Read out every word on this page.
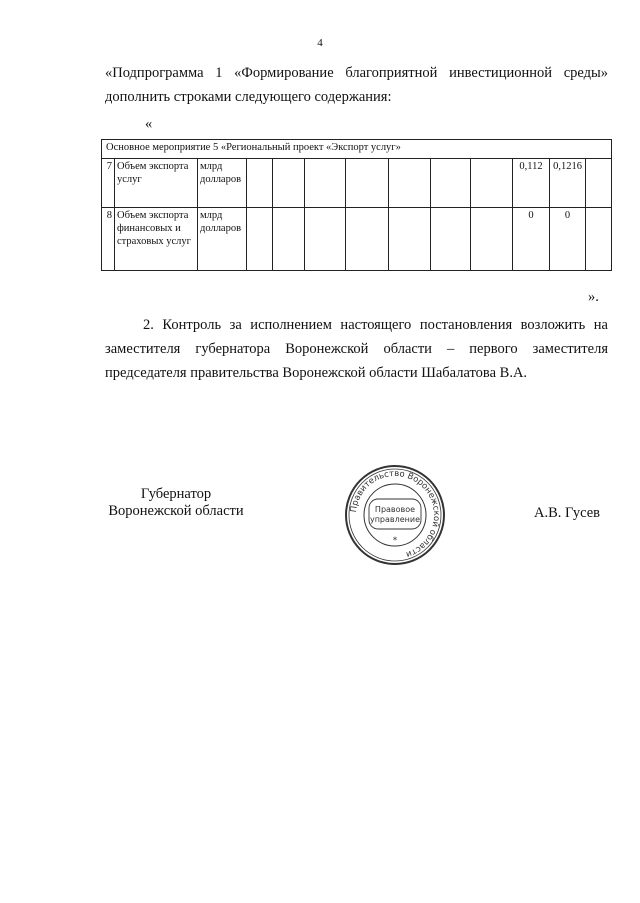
4
«Подпрограмма 1 «Формирование благоприятной инвестиционной среды»
дополнить строками следующего содержания:
«
Основное мероприятие 5 «Региональный проект «Экспорт услуг»												
7	Объем экспорта услуг	млрд долларов								0,112	0,1216	
8	Объем экспорта финансовых и страховых услуг	млрд долларов								0	0	
».
2. Контроль за исполнением настоящего постановления возложить на заместителя губернатора Воронежской области – первого заместителя председателя правительства Воронежской области Шабалатова В.А.
Губернатор
Воронежской области	Правительство Воронежской области
Правовое
управление
*
А.В. Гусев
